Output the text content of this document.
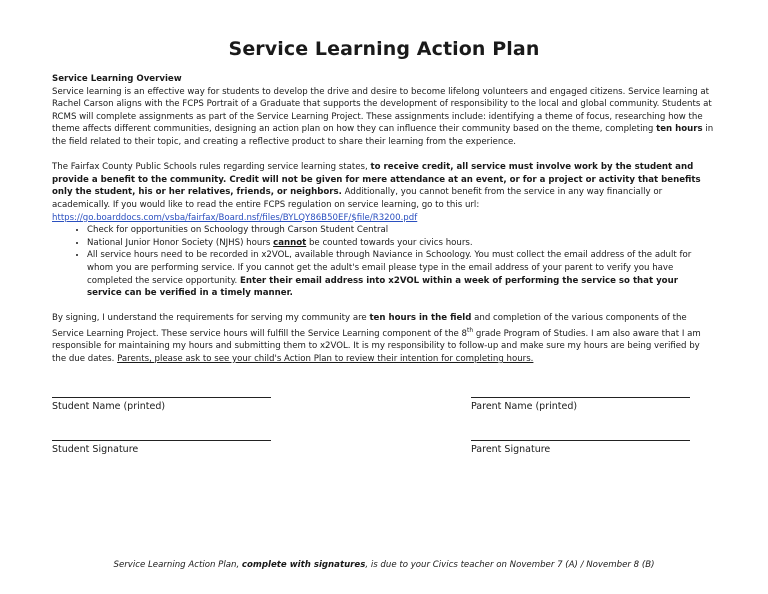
Service Learning Action Plan

Service Learning Overview

Service learning is an effective way for students to develop the drive and desire to become lifelong volunteers and engaged citizens. Service learning at Rachel Carson aligns with the FCPS Portrait of a Graduate that supports the development of responsibility to the local and global community. Students at RCMS will complete assignments as part of the Service Learning Project. These assignments include: identifying a theme of focus, researching how the theme affects different communities, designing an action plan on how they can influence their community based on the theme, completing ten hours in the field related to their topic, and creating a reflective product to share their learning from the experience.

The Fairfax County Public Schools rules regarding service learning states, to receive credit, all service must involve work by the student and provide a benefit to the community. Credit will not be given for mere attendance at an event, or for a project or activity that benefits only the student, his or her relatives, friends, or neighbors. Additionally, you cannot benefit from the service in any way financially or academically. If you would like to read the entire FCPS regulation on service learning, go to this url:

https://go.boarddocs.com/vsba/fairfax/Board.nsf/files/BYLQY86B50EF/$file/R3200.pdf

• Check for opportunities on Schoology through Carson Student Central
• National Junior Honor Society (NJHS) hours cannot be counted towards your civics hours.
• All service hours need to be recorded in x2VOL, available through Naviance in Schoology. You must collect the email address of the adult for whom you are performing service. If you cannot get the adult's email please type in the email address of your parent to verify you have completed the service opportunity. Enter their email address into x2VOL within a week of performing the service so that your service can be verified in a timely manner.

By signing, I understand the requirements for serving my community are ten hours in the field and completion of the various components of the Service Learning Project. These service hours will fulfill the Service Learning component of the 8th grade Program of Studies. I am also aware that I am responsible for maintaining my hours and submitting them to x2VOL. It is my responsibility to follow-up and make sure my hours are being verified by the due dates. Parents, please ask to see your child's Action Plan to review their intention for completing hours.

Student Name (printed)	Parent Name (printed)
Student Signature	Parent Signature
Service Learning Action Plan, complete with signatures, is due to your Civics teacher on November 7 (A) / November 8 (B)
